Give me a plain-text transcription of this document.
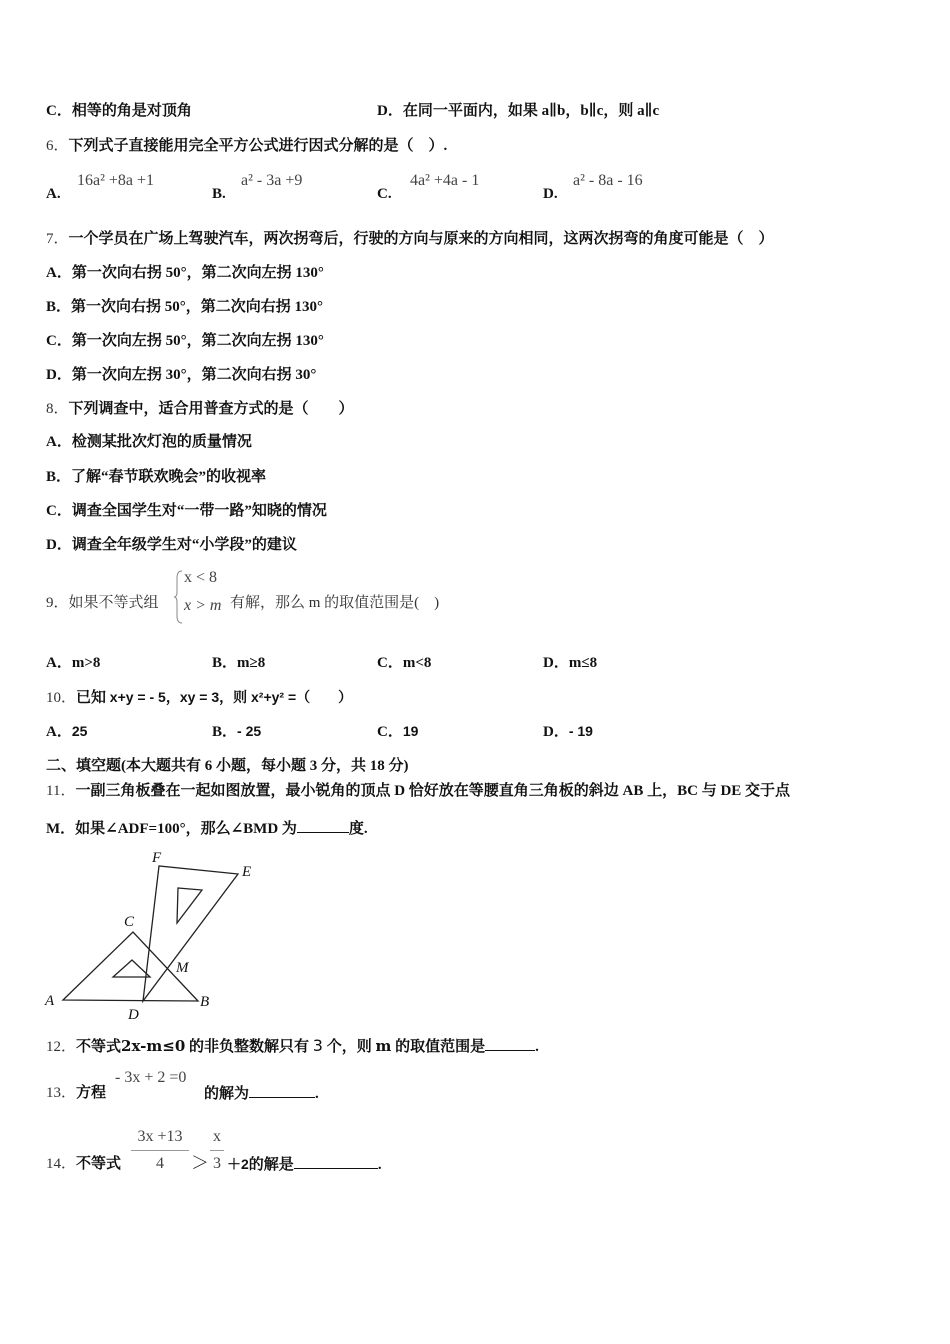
C．相等的角是对顶角	D．在同一平面内，如果 a∥b，b∥c，则 a∥c
6．下列式子直接能用完全平方公式进行因式分解的是（　）.
A.
16a² +8a +1
B.
a² - 3a +9
C.
4a² +4a - 1
D.
a² - 8a - 16
7．一个学员在广场上驾驶汽车，两次拐弯后，行驶的方向与原来的方向相同，这两次拐弯的角度可能是（　）
A．第一次向右拐 50°，第二次向左拐 130°
B．第一次向右拐 50°，第二次向右拐 130°
C．第一次向左拐 50°，第二次向左拐 130°
D．第一次向左拐 30°，第二次向右拐 30°
8．下列调查中，适合用普查方式的是（　　）
A．检测某批次灯泡的质量情况
B．了解“春节联欢晚会”的收视率
C．调查全国学生对“一带一路”知晓的情况
D．调查全年级学生对“小学段”的建议
9．如果不等式组
x < 8
x > m 有解，那么 m 的取值范围是(　)
A．m>8	B．m≥8	C．m<8	D．m≤8
10．已知 x+y = - 5，xy = 3，则 x²+y² =（　　）
A．25	B．- 25	C．19	D．- 19
二、填空题(本大题共有 6 小题，每小题 3 分，共 18 分)
11．一副三角板叠在一起如图放置，最小锐角的顶点 D 恰好放在等腰直角三角板的斜边 AB 上，BC 与 DE 交于点
M．如果∠ADF=100°，那么∠BMD 为	度.
F
E
C
M
A	B
D
12．不等式2x-m≤0 的非负整数解只有 3 个，则 m 的取值范围是	.
13．方程
- 3x + 2 =0
的解为	.
14．不等式
3x +13
4	＞
x
3 ＋2的解是	.
